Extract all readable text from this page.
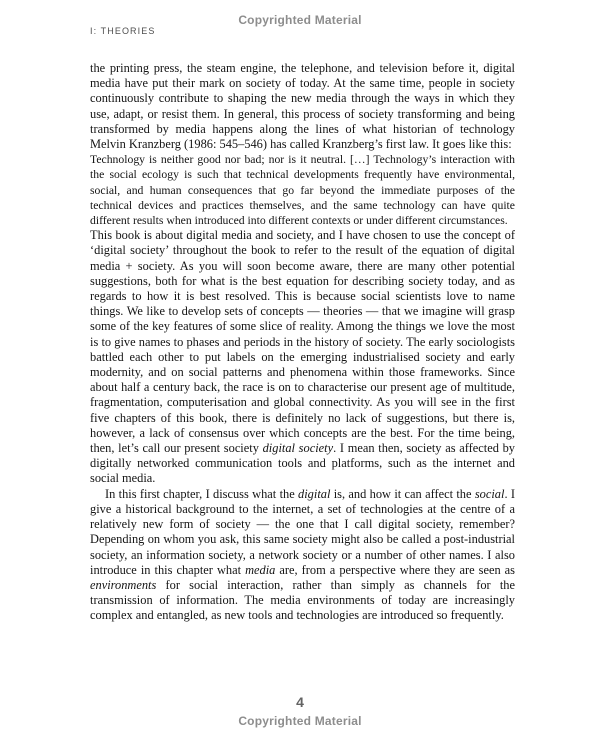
Copyrighted Material
I: THEORIES

the printing press, the steam engine, the telephone, and television before it, digital media have put their mark on society of today. At the same time, people in society continuously contribute to shaping the new media through the ways in which they use, adapt, or resist them. In general, this process of society transforming and being transformed by media happens along the lines of what historian of technology Melvin Kranzberg (1986: 545–546) has called Kranzberg’s first law. It goes like this:

Technology is neither good nor bad; nor is it neutral. […] Technology’s interaction with the social ecology is such that technical developments frequently have environmental, social, and human consequences that go far beyond the immediate purposes of the technical devices and practices themselves, and the same technology can have quite different results when introduced into different contexts or under different circumstances.

This book is about digital media and society, and I have chosen to use the concept of ‘digital society’ throughout the book to refer to the result of the equation of digital media + society. As you will soon become aware, there are many other potential suggestions, both for what is the best equation for describing society today, and as regards to how it is best resolved. This is because social scientists love to name things. We like to develop sets of concepts — theories — that we imagine will grasp some of the key features of some slice of reality. Among the things we love the most is to give names to phases and periods in the history of society. The early sociologists battled each other to put labels on the emerging industrialised society and early modernity, and on social patterns and phenomena within those frameworks. Since about half a century back, the race is on to characterise our present age of multitude, fragmentation, computerisation and global connectivity. As you will see in the first five chapters of this book, there is definitely no lack of suggestions, but there is, however, a lack of consensus over which concepts are the best. For the time being, then, let’s call our present society digital society. I mean then, society as affected by digitally networked communication tools and platforms, such as the internet and social media.

In this first chapter, I discuss what the digital is, and how it can affect the social. I give a historical background to the internet, a set of technologies at the centre of a relatively new form of society — the one that I call digital society, remember? Depending on whom you ask, this same society might also be called a post-industrial society, an information society, a network society or a number of other names. I also introduce in this chapter what media are, from a perspective where they are seen as environments for social interaction, rather than simply as channels for the transmission of information. The media environments of today are increasingly complex and entangled, as new tools and technologies are introduced so frequently.

4
Copyrighted Material
